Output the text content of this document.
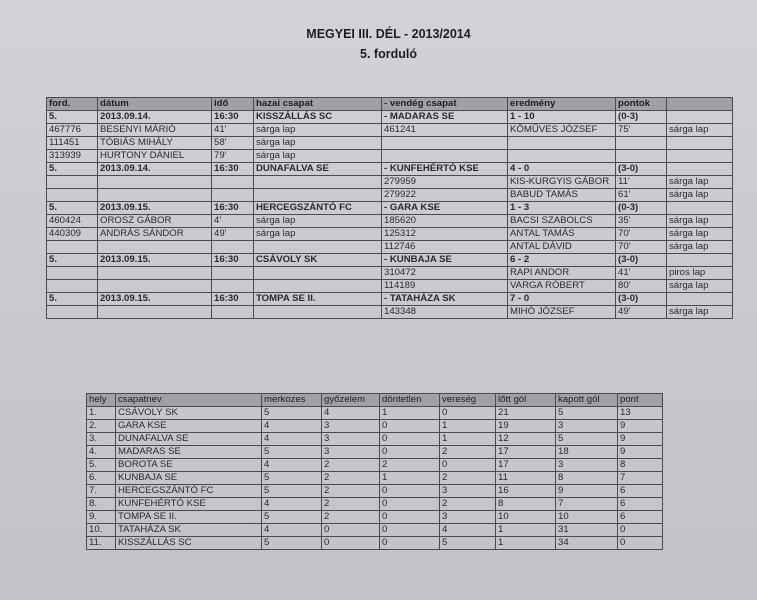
MEGYEI III. DÉL - 2013/2014
5. forduló
ford.	dátum	idő	hazai csapat	- vendég csapat	eredmény	pontok	
5.	2013.09.14.	16:30	KISSZÁLLÁS SC	- MADARAS SE	1 - 10	(0-3)	
467776	BESENYI MÁRIÓ	41'	sárga lap	461241	KŐMŰVES JÓZSEF	75'	sárga lap
111451	TÓBIÁS MIHÁLY	58'	sárga lap				
313939	HURTONY DÁNIEL	79'	sárga lap				
5.	2013.09.14.	16:30	DUNAFALVA SE	- KUNFEHÉRTÓ KSE	4 - 0	(3-0)	
				279959	KIS-KURGYIS GÁBOR	11'	sárga lap
				279922	BABUD TAMÁS	61'	sárga lap
5.	2013.09.15.	16:30	HERCEGSZÁNTÓ FC	- GARA KSE	1 - 3	(0-3)	
460424	OROSZ GÁBOR	4'	sárga lap	185620	BACSI SZABOLCS	35'	sárga lap
440309	ANDRÁS SÁNDOR	49'	sárga lap	125312	ANTAL TAMÁS	70'	sárga lap
				112746	ANTAL DÁVID	70'	sárga lap
5.	2013.09.15.	16:30	CSÁVOLY SK	- KUNBAJA SE	6 - 2	(3-0)	
				310472	RAPI ANDOR	41'	piros lap
				114189	VARGA RÓBERT	80'	sárga lap
5.	2013.09.15.	16:30	TOMPA SE II.	- TATAHÁZA SK	7 - 0	(3-0)	
				143348	MIHÓ JÓZSEF	49'	sárga lap
hely	csapatnev	merkozes	győzelem	döntetlen	vereség	lőtt gól	kapott gól	pont
1.	CSÁVOLY SK	5	4	1	0	21	5	13
2.	GARA KSE	4	3	0	1	19	3	9
3.	DUNAFALVA SE	4	3	0	1	12	5	9
4.	MADARAS SE	5	3	0	2	17	18	9
5.	BOROTA SE	4	2	2	0	17	3	8
6.	KUNBAJA SE	5	2	1	2	11	8	7
7.	HERCEGSZÁNTÓ FC	5	2	0	3	16	9	6
8.	KUNFEHÉRTÓ KSE	4	2	0	2	8	7	6
9.	TOMPA SE II.	5	2	0	3	10	10	6
10.	TATAHÁZA SK	4	0	0	4	1	31	0
11.	KISSZÁLLÁS SC	5	0	0	5	1	34	0
